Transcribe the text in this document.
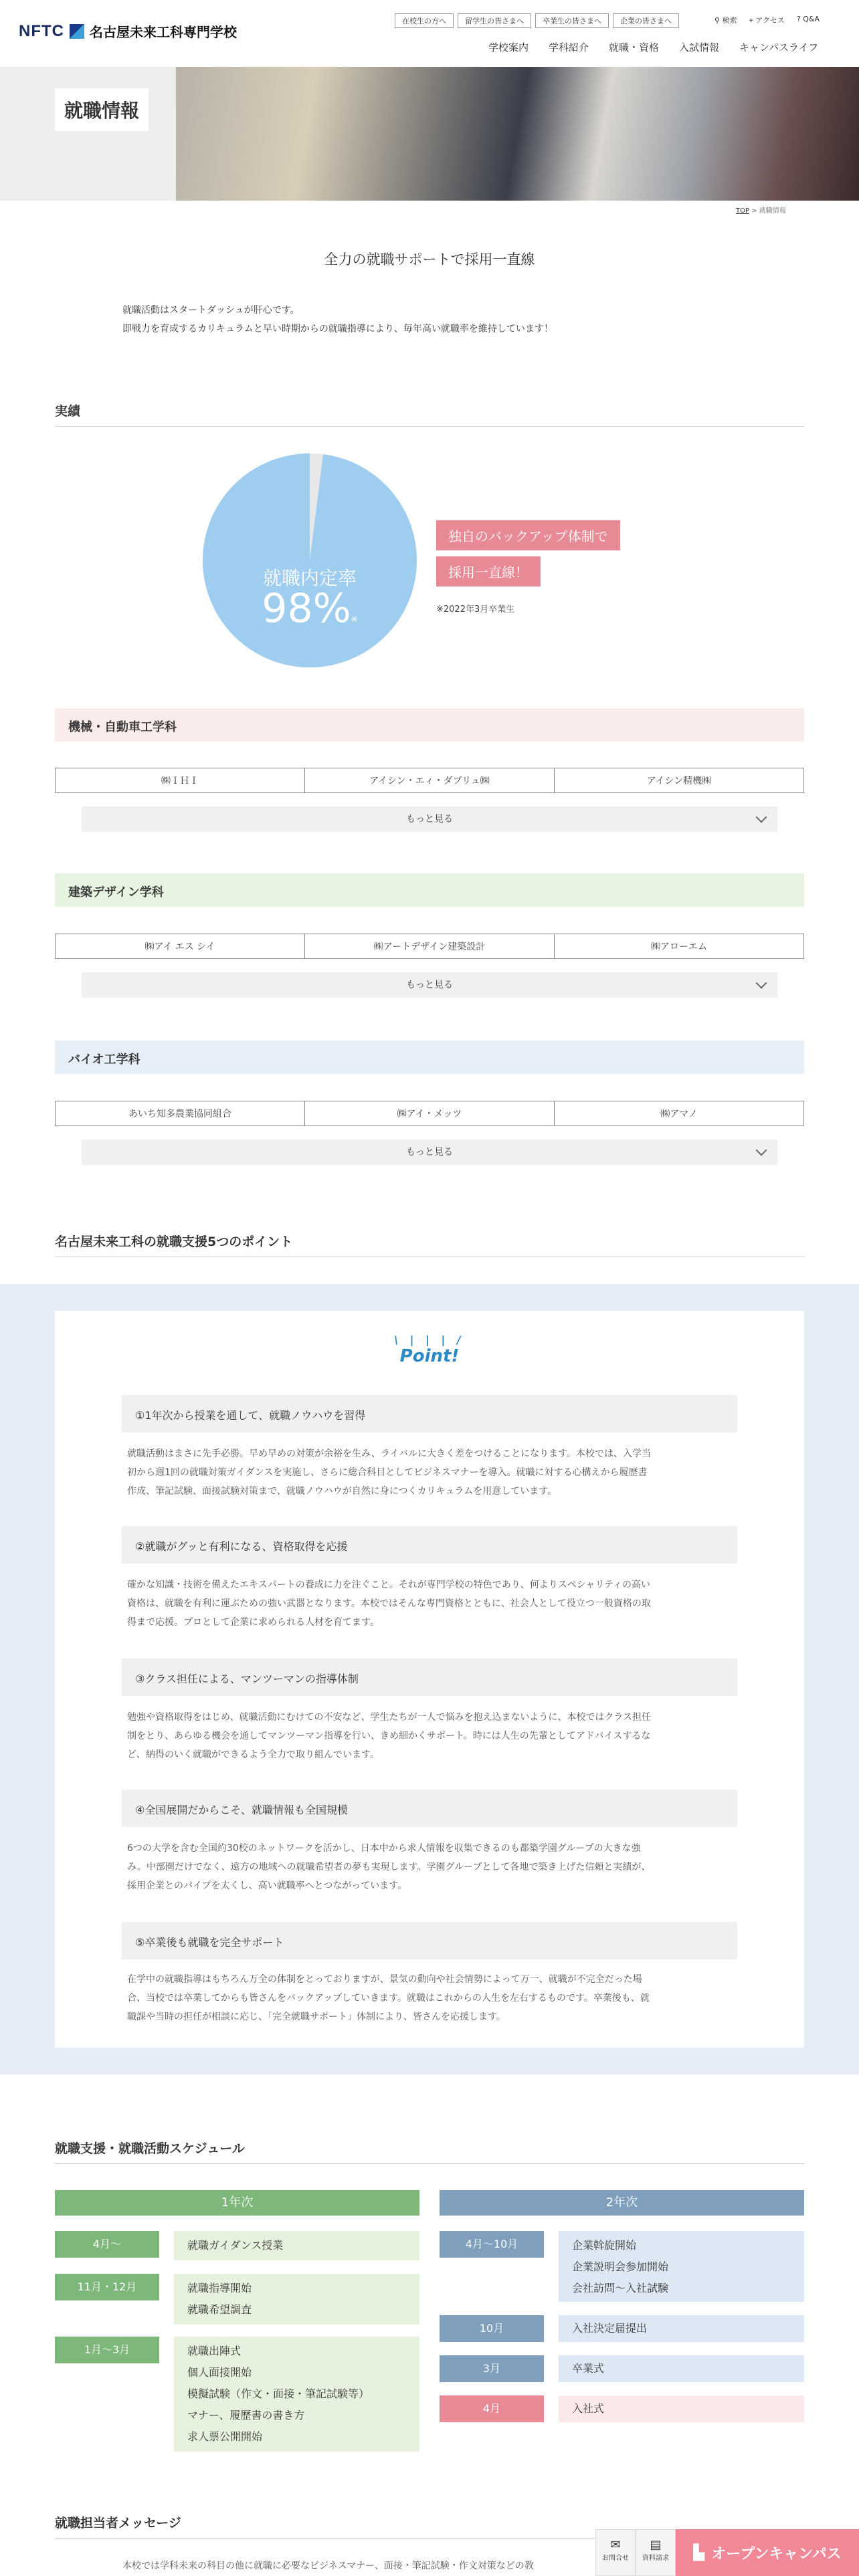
NFTC 名古屋未来工科専門学校
在校生の方へ	留学生の皆さまへ	卒業生の皆さまへ	企業の皆さまへ	⚲ 検索 ⌖ アクセス ? Q&A
学校案内 学科紹介 就職・資格 入試情報 キャンパスライフ
就職情報
TOP > 就職情報
全力の就職サポートで採用一直線
就職活動はスタートダッシュが肝心です。
即戦力を育成するカリキュラムと早い時期からの就職指導により、毎年高い就職率を維持しています！
実績
就職内定率
98%※
独自のバックアップ体制で
採用一直線！
※2022年3月卒業生
機械・自動車工学科
㈱ＩＨＩ	アイシン・エィ・ダブリュ㈱	アイシン精機㈱
もっと見る
建築デザイン学科
㈱アイ エス シイ	㈱アートデザイン建築設計	㈱アローエム
もっと見る
バイオ工学科
あいち知多農業協同組合	㈱アイ・メッツ	㈱アマノ
もっと見る
名古屋未来工科の就職支援5つのポイント
\ | | | /
Point!
①1年次から授業を通して、就職ノウハウを習得
就職活動はまさに先手必勝。早め早めの対策が余裕を生み、ライバルに大きく差をつけることになります。本校では、入学当
初から週1回の就職対策ガイダンスを実施し、さらに総合科目としてビジネスマナーを導入。就職に対する心構えから履歴書
作成、筆記試験、面接試験対策まで、就職ノウハウが自然に身につくカリキュラムを用意しています。
②就職がグッと有利になる、資格取得を応援
確かな知識・技術を備えたエキスパートの養成に力を注ぐこと。それが専門学校の特色であり、何よりスペシャリティの高い
資格は、就職を有利に運ぶための強い武器となります。本校ではそんな専門資格とともに、社会人として役立つ一般資格の取
得まで応援。プロとして企業に求められる人材を育てます。
③クラス担任による、マンツーマンの指導体制
勉強や資格取得をはじめ、就職活動にむけての不安など、学生たちが一人で悩みを抱え込まないように、本校ではクラス担任
制をとり、あらゆる機会を通してマンツーマン指導を行い、きめ細かくサポート。時には人生の先輩としてアドバイスするな
ど、納得のいく就職ができるよう全力で取り組んでいます。
④全国展開だからこそ、就職情報も全国規模
6つの大学を含む全国約30校のネットワークを活かし、日本中から求人情報を収集できるのも都築学園グループの大きな強
み。中部圏だけでなく、遠方の地域への就職希望者の夢も実現します。学園グループとして各地で築き上げた信頼と実績が、
採用企業とのパイプを太くし、高い就職率へとつながっています。
⑤卒業後も就職を完全サポート
在学中の就職指導はもちろん万全の体制をとっておりますが、景気の動向や社会情勢によって万一、就職が不完全だった場
合、当校では卒業してからも皆さんをバックアップしていきます。就職はこれからの人生を左右するものです。卒業後も、就
職課や当時の担任が相談に応じ、「完全就職サポート」体制により、皆さんを応援します。
就職支援・就職活動スケジュール
1年次	2年次
4月～	就職ガイダンス授業
11月・12月	就職指導開始
就職希望調査
1月～3月	就職出陣式
個人面接開始
模擬試験（作文・面接・筆記試験等）
マナー、履歴書の書き方
求人票公開開始
4月～10月	企業斡旋開始
企業説明会参加開始
会社訪問～入社試験
10月	入社決定届提出
3月	卒業式
4月	入社式
就職担当者メッセージ
本校では学科未来の科目の他に就職に必要なビジネスマナー、面接・筆記試験・作文対策などの教
✉
お問合せ
▤
資料請求	▙ オープンキャンパス
